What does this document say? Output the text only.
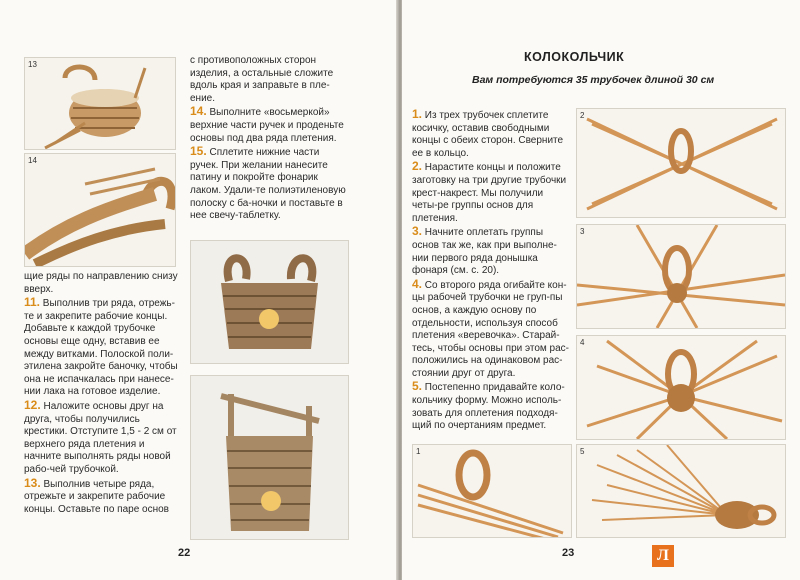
13
14

щие ряды по направлению снизу вверх.

11. Выполнив три ряда, отрежь-те и закрепите рабочие концы. Добавьте к каждой трубочке основы еще одну, вставив ее между витками. Полоской поли-этилена закройте баночку, чтобы она не испачкалась при нанесе-нии лака на готовое изделие.

12. Наложите основы друг на друга, чтобы получились крестики. Отступите 1,5 - 2 см от верхнего ряда плетения и начните выполнять ряды новой рабо-чей трубочкой.

13. Выполнив четыре ряда, отрежьте и закрепите рабочие концы. Оставьте по паре основ

с противоположных сторон изделия, а остальные сложите вдоль края и заправьте в пле-ение.

14. Выполните «восьмеркой» верхние части ручек и проденьте основы под два ряда плетения.

15. Сплетите нижние части ручек. При желании нанесите патину и покройте фонарик лаком. Удали-те полиэтиленовую полоску с ба-ночки и поставьте в нее свечу-таблетку.

22
КОЛОКОЛЬЧИК
Вам потребуются 35 трубочек длиной 30 см

1. Из трех трубочек сплетите косичку, оставив свободными концы с обеих сторон. Сверните ее в кольцо.

2. Нарастите концы и положите заготовку на три другие трубочки крест-накрест. Мы получили четы-ре группы основ для плетения.

3. Начните оплетать группы основ так же, как при выполне-нии первого ряда донышка фонаря (см. с. 20).

4. Со второго ряда огибайте кон-цы рабочей трубочки не груп-пы основ, а каждую основу по отдельности, используя способ плетения «веревочка». Старай-тесь, чтобы основы при этом рас-положились на одинаковом рас-стоянии друг от друга.

5. Постепенно придавайте коло-кольчику форму. Можно исполь-зовать для оплетения подходя-щий по очертаниям предмет.

2
3
4
1	5
23	Л
